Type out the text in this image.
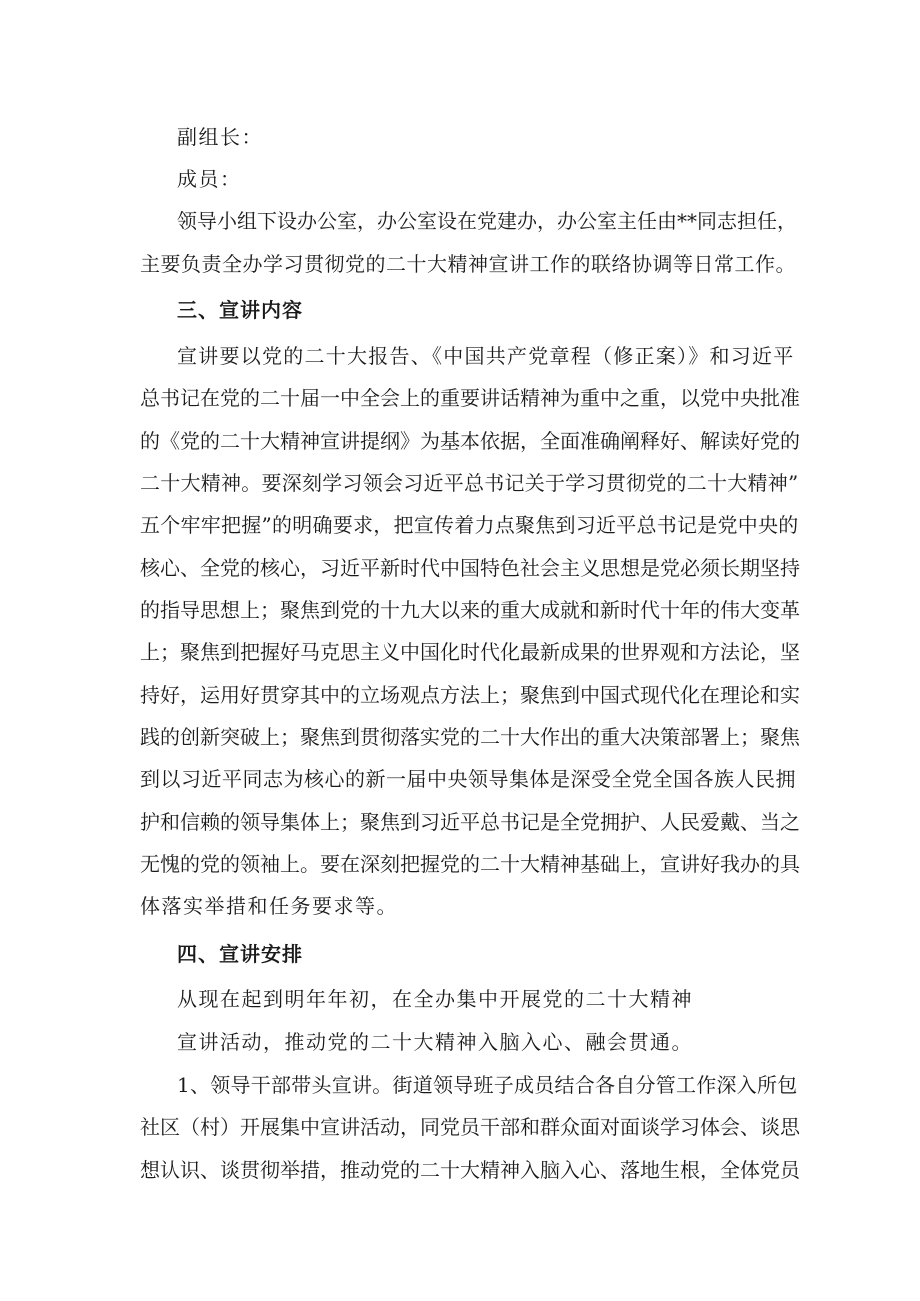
副组长：

成员：

领导小组下设办公室，办公室设在党建办，办公室主任由**同志担任，

主要负责全办学习贯彻党的二十大精神宣讲工作的联络协调等日常工作。

三、宣讲内容

宣讲要以党的二十大报告、《中国共产党章程（修正案）》和习近平

总书记在党的二十届一中全会上的重要讲话精神为重中之重，以党中央批准

的《党的二十大精神宣讲提纲》为基本依据，全面准确阐释好、解读好党的

二十大精神。要深刻学习领会习近平总书记关于学习贯彻党的二十大精神”

五个牢牢把握”的明确要求，把宣传着力点聚焦到习近平总书记是党中央的

核心、全党的核心，习近平新时代中国特色社会主义思想是党必须长期坚持

的指导思想上；聚焦到党的十九大以来的重大成就和新时代十年的伟大变革

上；聚焦到把握好马克思主义中国化时代化最新成果的世界观和方法论，坚

持好，运用好贯穿其中的立场观点方法上；聚焦到中国式现代化在理论和实

践的创新突破上；聚焦到贯彻落实党的二十大作出的重大决策部署上；聚焦

到以习近平同志为核心的新一届中央领导集体是深受全党全国各族人民拥

护和信赖的领导集体上；聚焦到习近平总书记是全党拥护、人民爱戴、当之

无愧的党的领袖上。要在深刻把握党的二十大精神基础上，宣讲好我办的具

体落实举措和任务要求等。

四、宣讲安排

从现在起到明年年初，在全办集中开展党的二十大精神

宣讲活动，推动党的二十大精神入脑入心、融会贯通。

1、领导干部带头宣讲。街道领导班子成员结合各自分管工作深入所包

社区（村）开展集中宣讲活动，同党员干部和群众面对面谈学习体会、谈思

想认识、谈贯彻举措，推动党的二十大精神入脑入心、落地生根，全体党员
